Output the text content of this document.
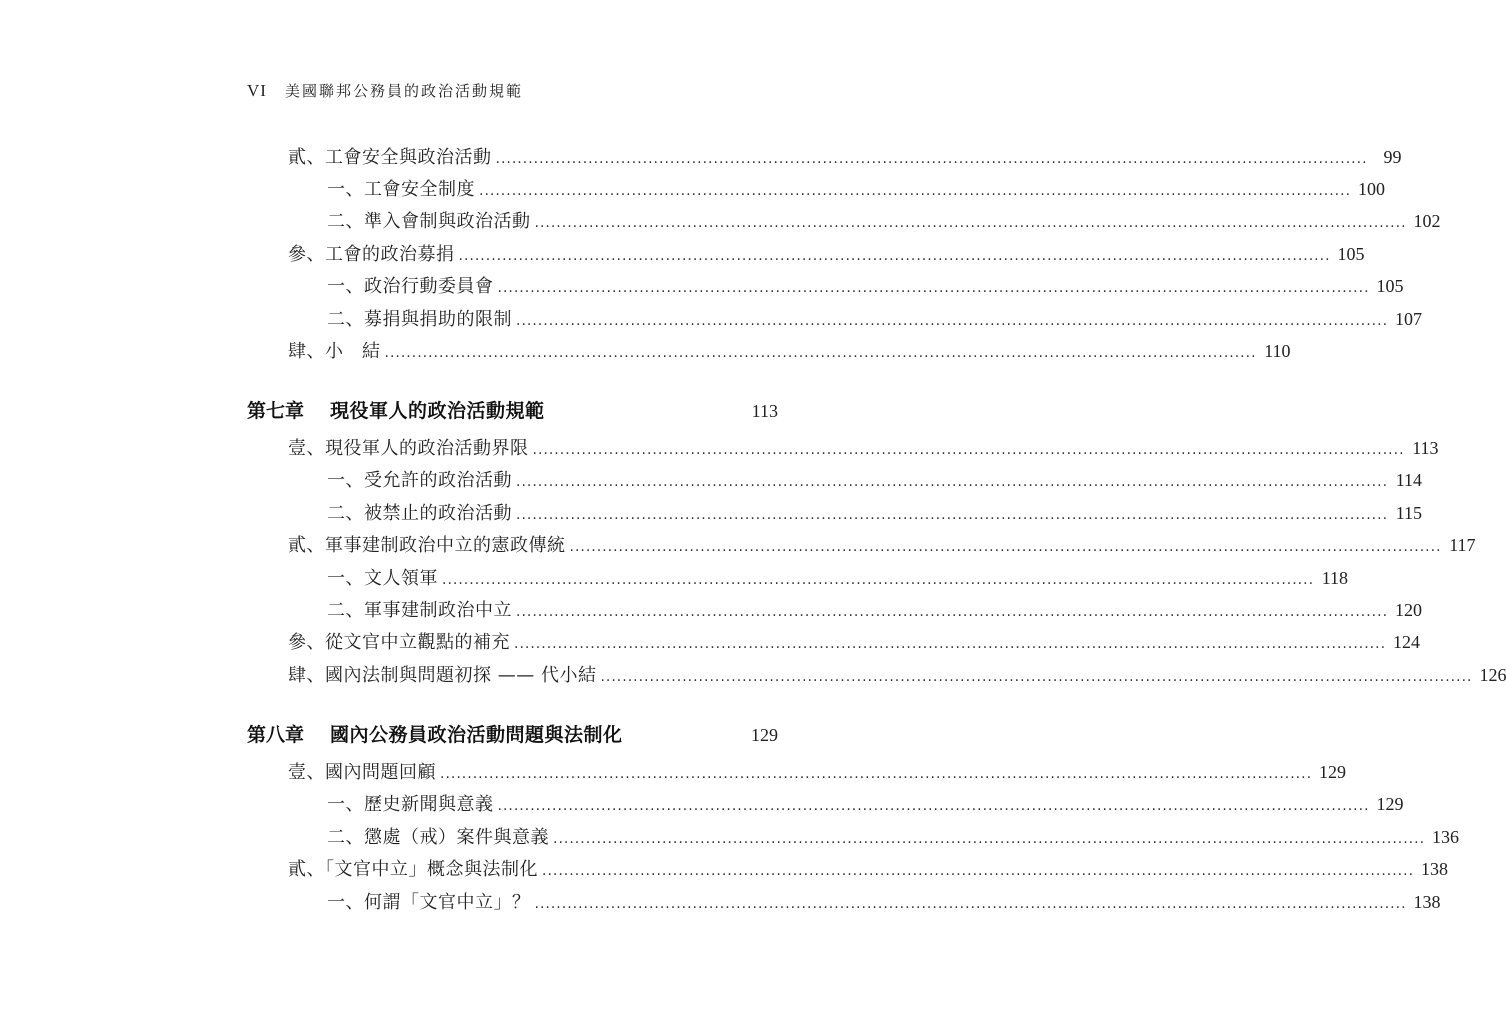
VI 美國聯邦公務員的政治活動規範
貳、工會安全與政治活動 ................................................................................................................................................................ 99
一、工會安全制度 ................................................................................................................................................................ 100
二、準入會制與政治活動 ................................................................................................................................................................ 102
參、工會的政治募捐 ................................................................................................................................................................ 105
一、政治行動委員會 ................................................................................................................................................................ 105
二、募捐與捐助的限制 ................................................................................................................................................................ 107
肆、小　結 ................................................................................................................................................................ 110
第七章 現役軍人的政治活動規範	113
壹、現役軍人的政治活動界限 ................................................................................................................................................................ 113
一、受允許的政治活動 ................................................................................................................................................................ 114
二、被禁止的政治活動 ................................................................................................................................................................ 115
貳、軍事建制政治中立的憲政傳統 ................................................................................................................................................................ 117
一、文人領軍 ................................................................................................................................................................ 118
二、軍事建制政治中立 ................................................................................................................................................................ 120
參、從文官中立觀點的補充 ................................................................................................................................................................ 124
肆、國內法制與問題初探 —— 代小結 ................................................................................................................................................................ 126
第八章 國內公務員政治活動問題與法制化	129
壹、國內問題回顧 ................................................................................................................................................................ 129
一、歷史新聞與意義 ................................................................................................................................................................ 129
二、懲處（戒）案件與意義 ................................................................................................................................................................ 136
貳、「文官中立」概念與法制化 ................................................................................................................................................................ 138
一、何謂「文官中立」？ ................................................................................................................................................................ 138
